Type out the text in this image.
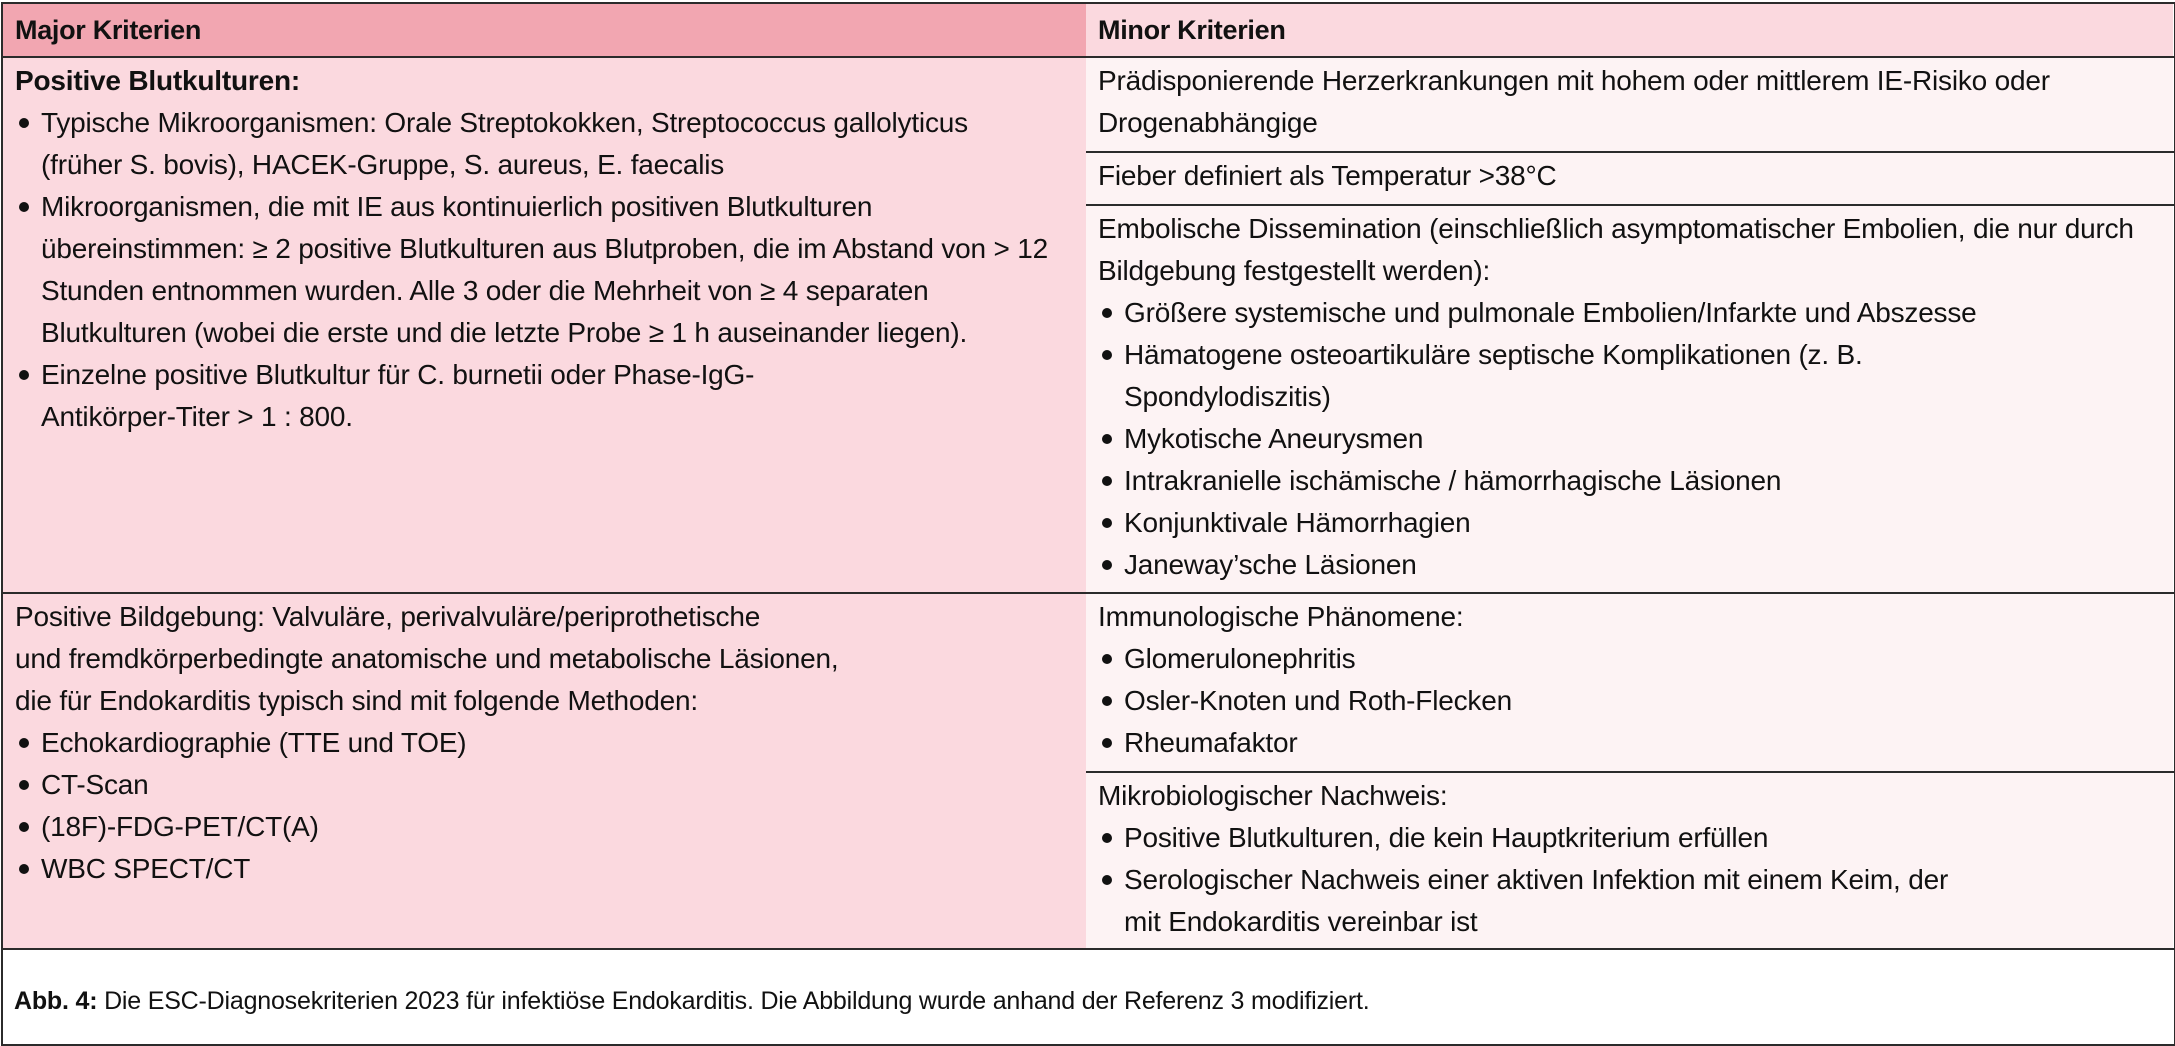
Major Kriterien	Minor Kriterien
Positive Blutkulturen:
Typische Mikroorganismen: Orale Streptokokken, Streptococcus gallolyticus (früher S. bovis), HACEK-Gruppe, S. aureus, E. faecalis
Mikroorganismen, die mit IE aus kontinuierlich positiven Blutkulturen übereinstimmen: ≥ 2 positive Blutkulturen aus Blutproben, die im Abstand von > 12 Stunden entnommen wurden. Alle 3 oder die Mehrheit von ≥ 4 separaten Blutkulturen (wobei die erste und die letzte Probe ≥ 1 h auseinander liegen).
Einzelne positive Blutkultur für C. burnetii oder Phase-IgG-Antikörper-Titer > 1 : 800.
Positive Bildgebung: Valvuläre, perivalvuläre/periprothetische
und fremdkörperbedingte anatomische und metabolische Läsionen,
die für Endokarditis typisch sind mit folgende Methoden:
Echokardiographie (TTE und TOE)
CT-Scan
(18F)-FDG-PET/CT(A)
WBC SPECT/CT
Prädisponierende Herzerkrankungen mit hohem oder mittlerem IE-Risiko oder Drogenabhängige
Fieber definiert als Temperatur >38°C
Embolische Dissemination (einschließlich asymptomatischer Embolien, die nur durch Bildgebung festgestellt werden):
Größere systemische und pulmonale Embolien/Infarkte und Abszesse
Hämatogene osteoartikuläre septische Komplikationen (z. B. Spondylodiszitis)
Mykotische Aneurysmen
Intrakranielle ischämische / hämorrhagische Läsionen
Konjunktivale Hämorrhagien
Janeway’sche Läsionen
Immunologische Phänomene:
Glomerulonephritis
Osler-Knoten und Roth-Flecken
Rheumafaktor
Mikrobiologischer Nachweis:
Positive Blutkulturen, die kein Hauptkriterium erfüllen
Serologischer Nachweis einer aktiven Infektion mit einem Keim, der mit Endokarditis vereinbar ist
Abb. 4: Die ESC-Diagnosekriterien 2023 für infektiöse Endokarditis. Die Abbildung wurde anhand der Referenz 3 modifiziert.
